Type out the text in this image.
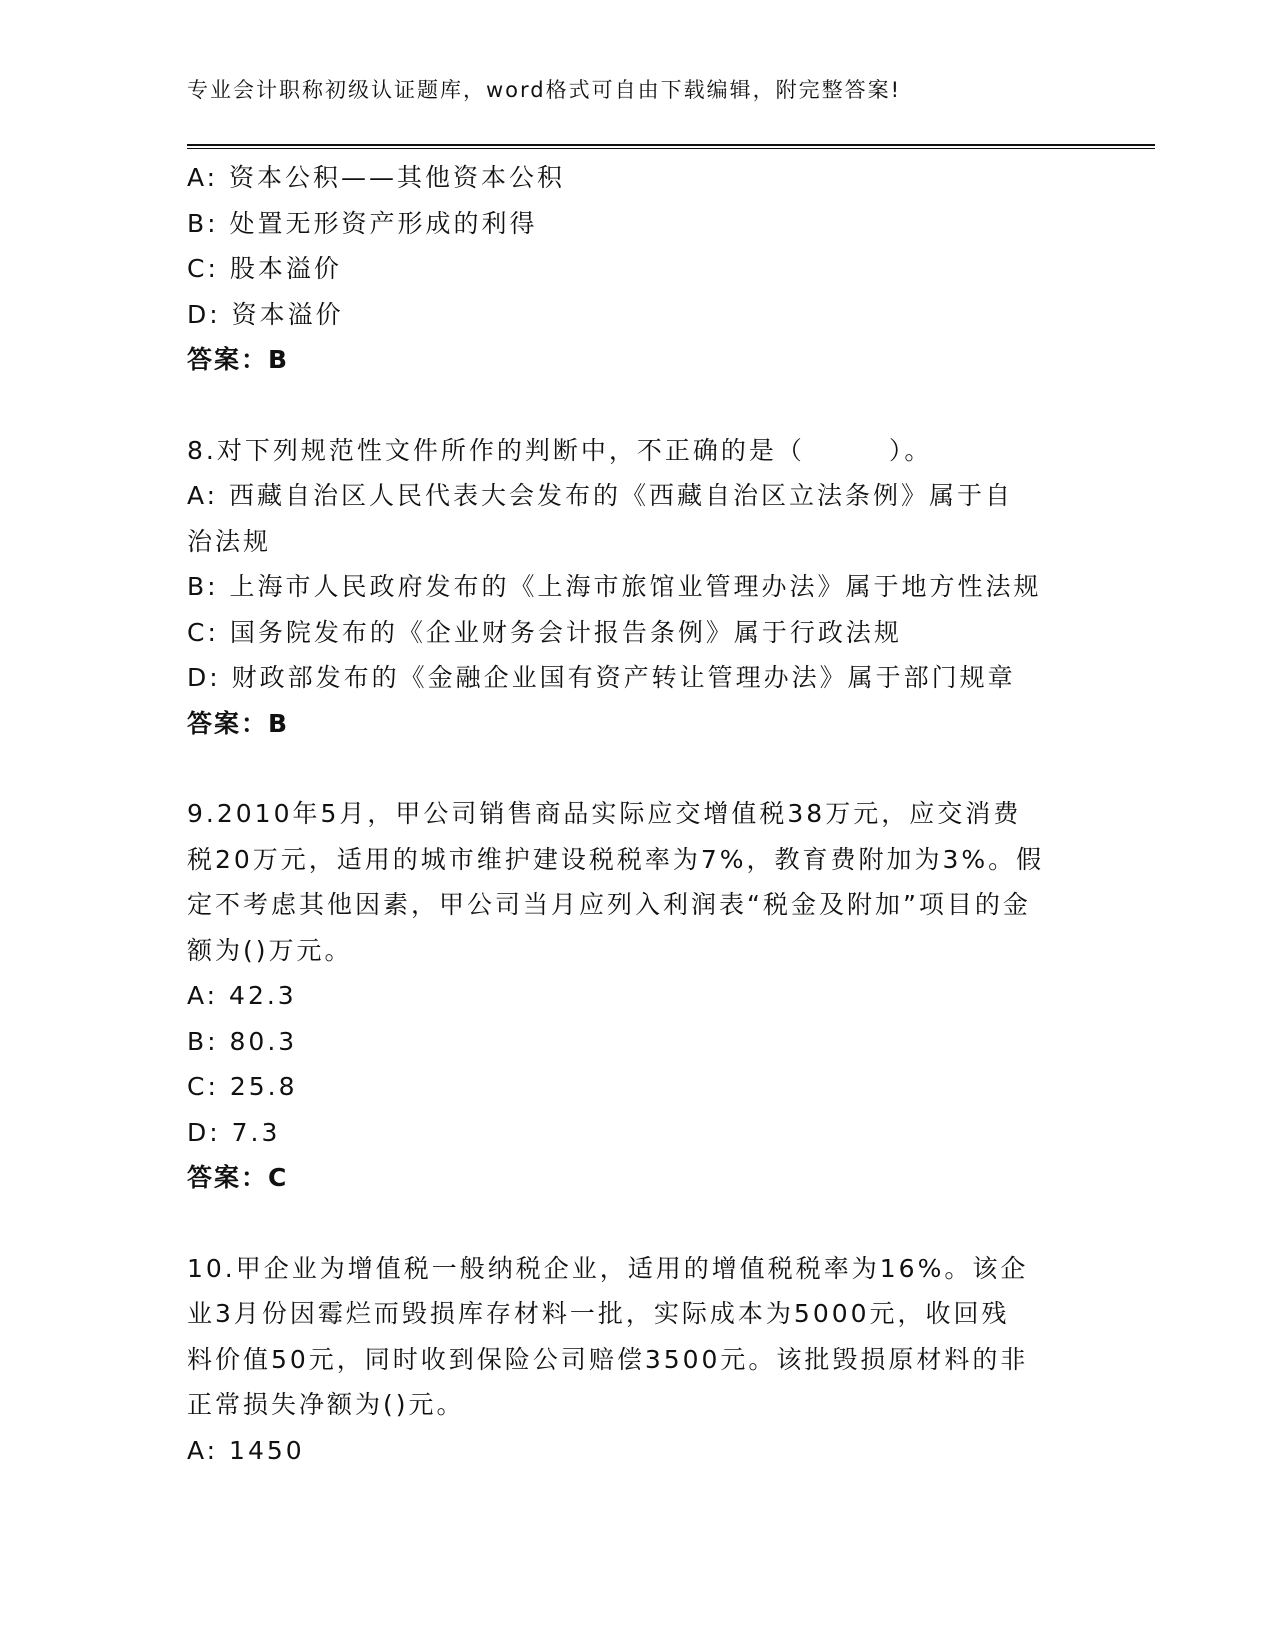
专业会计职称初级认证题库，word格式可自由下载编辑，附完整答案!
A: 资本公积——其他资本公积
B: 处置无形资产形成的利得
C: 股本溢价
D: 资本溢价
答案：B
8.对下列规范性文件所作的判断中，不正确的是（　　　）。
A: 西藏自治区人民代表大会发布的《西藏自治区立法条例》属于自治法规
B: 上海市人民政府发布的《上海市旅馆业管理办法》属于地方性法规
C: 国务院发布的《企业财务会计报告条例》属于行政法规
D: 财政部发布的《金融企业国有资产转让管理办法》属于部门规章
答案：B
9.2010年5月，甲公司销售商品实际应交增值税38万元，应交消费税20万元，适用的城市维护建设税税率为7%，教育费附加为3%。假定不考虑其他因素，甲公司当月应列入利润表“税金及附加”项目的金额为()万元。
A: 42.3
B: 80.3
C: 25.8
D: 7.3
答案：C
10.甲企业为增值税一般纳税企业，适用的增值税税率为16%。该企业3月份因霉烂而毁损库存材料一批，实际成本为5000元，收回残料价值50元，同时收到保险公司赔偿3500元。该批毁损原材料的非正常损失净额为()元。
A: 1450
